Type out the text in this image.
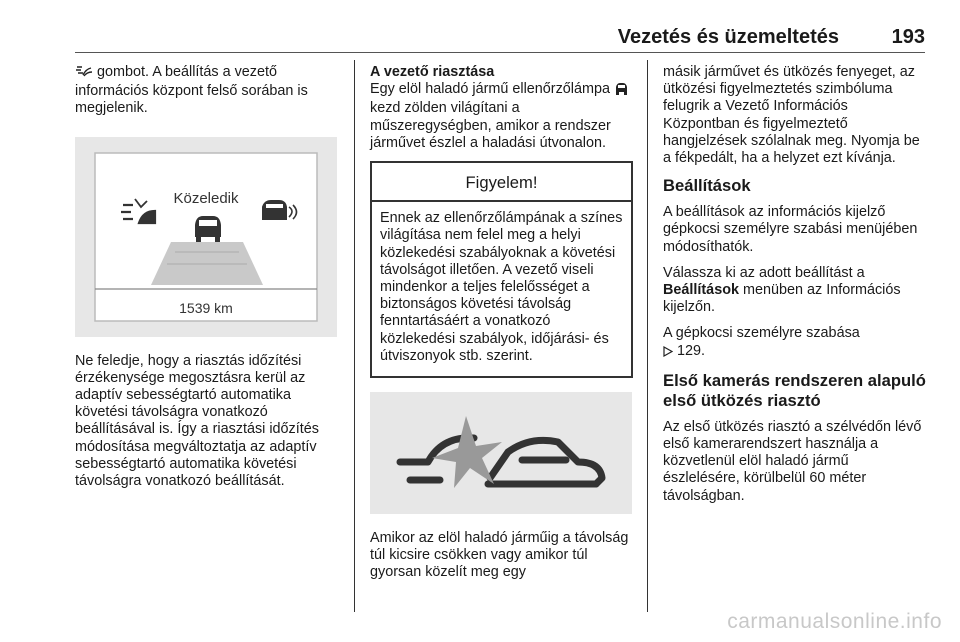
Vezetés és üzemeltetés	193

gombot. A beállítás a vezető információs központ felső sorában is megjelenik.

Közeledik
1539 km

Ne feledje, hogy a riasztás időzítési érzékenysége megosztásra kerül az adaptív sebességtartó automatika követési távolságra vonatkozó beállításával is. Így a riasztási időzítés módosítása megváltoztatja az adaptív sebességtartó automatika követési távolságra vonatkozó beállítását.

A vezető riasztása

Egy elöl haladó jármű ellenőrzőlámpa  kezd zölden világítani a műszeregységben, amikor a rendszer járművet észlel a haladási útvonalon.

Figyelem!
Ennek az ellenőrzőlámpának a színes világítása nem felel meg a helyi közlekedési szabályoknak a követési távolságot illetően. A vezető viseli mindenkor a teljes felelősséget a biztonságos követési távolság fenntartásáért a vonatkozó közlekedési szabályok, időjárási- és útviszonyok stb. szerint.

Amikor az elöl haladó járműig a távolság túl kicsire csökken vagy amikor túl gyorsan közelít meg egy

másik járművet és ütközés fenyeget, az ütközési figyelmeztetés szimbóluma felugrik a Vezető Információs Központban és figyelmeztető hangjelzések szólalnak meg. Nyomja be a fékpedált, ha a helyzet ezt kívánja.

Beállítások

A beállítások az információs kijelző gépkocsi személyre szabási menüjében módosíthatók.

Válassza ki az adott beállítást a Beállítások menüben az Információs kijelzőn.

A gépkocsi személyre szabása
129.

Első kamerás rendszeren alapuló első ütközés riasztó

Az első ütközés riasztó a szélvédőn lévő első kamerarendszert használja a közvetlenül elöl haladó jármű észlelésére, körülbelül 60 méter távolságban.

carmanualsonline.info
